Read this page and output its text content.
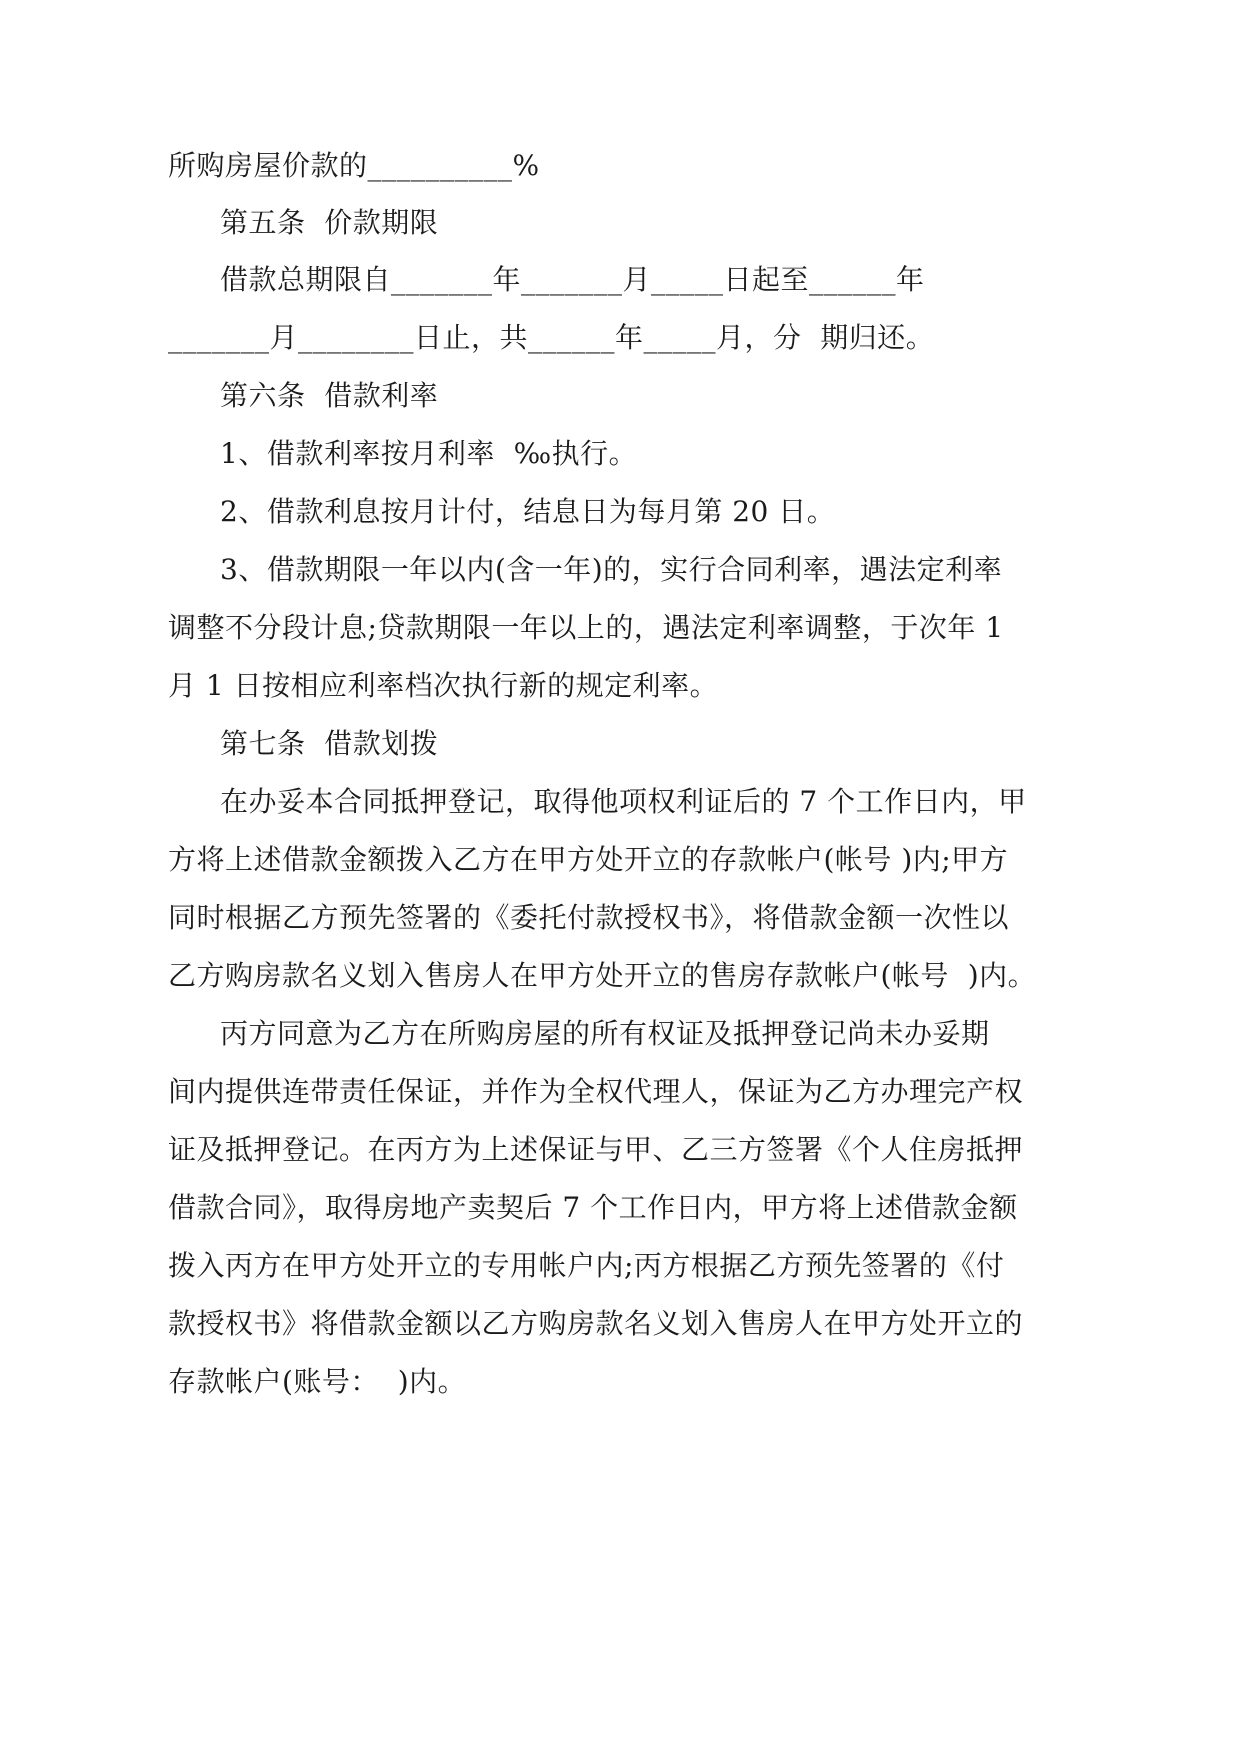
所购房屋价款的__________%
第五条  价款期限
借款总期限自_______年_______月_____日起至______年
_______月________日止，共______年_____月，分  期归还。
第六条  借款利率
1、借款利率按月利率  ‰执行。
2、借款利息按月计付，结息日为每月第 20 日。
3、借款期限一年以内(含一年)的，实行合同利率，遇法定利率
调整不分段计息;贷款期限一年以上的，遇法定利率调整，于次年 1
月 1 日按相应利率档次执行新的规定利率。
第七条  借款划拨
在办妥本合同抵押登记，取得他项权利证后的 7 个工作日内，甲
方将上述借款金额拨入乙方在甲方处开立的存款帐户(帐号 )内;甲方
同时根据乙方预先签署的《委托付款授权书》，将借款金额一次性以
乙方购房款名义划入售房人在甲方处开立的售房存款帐户(帐号  )内。
丙方同意为乙方在所购房屋的所有权证及抵押登记尚未办妥期
间内提供连带责任保证，并作为全权代理人，保证为乙方办理完产权
证及抵押登记。在丙方为上述保证与甲、乙三方签署《个人住房抵押
借款合同》，取得房地产卖契后 7 个工作日内，甲方将上述借款金额
拨入丙方在甲方处开立的专用帐户内;丙方根据乙方预先签署的《付
款授权书》将借款金额以乙方购房款名义划入售房人在甲方处开立的
存款帐户(账号：  )内。
